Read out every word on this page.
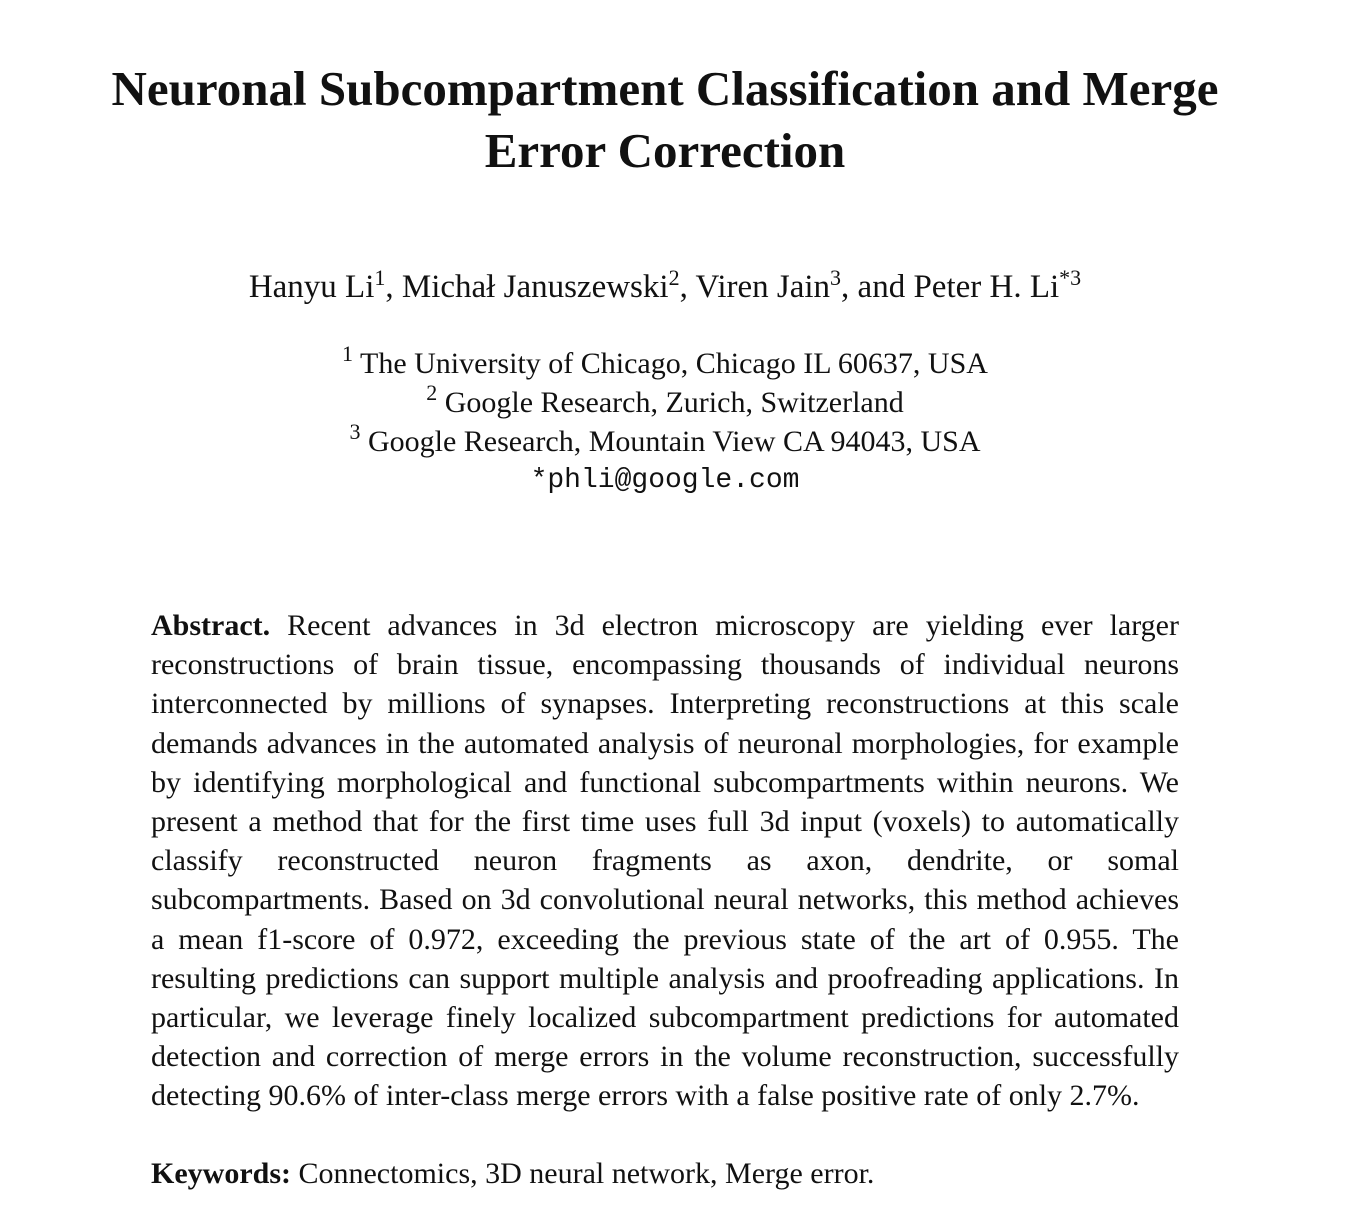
Neuronal Subcompartment Classification and Merge
Error Correction
Hanyu Li$^1$, Michał Januszewski$^2$, Viren Jain$^3$, and Peter H. Li$^{*3}$
$^1$ The University of Chicago, Chicago IL 60637, USA
$^2$ Google Research, Zurich, Switzerland
$^3$ Google Research, Mountain View CA 94043, USA
*phli@google.com

Abstract. Recent advances in 3d electron microscopy are yielding ever larger reconstructions of brain tissue, encompassing thousands of individual neurons interconnected by millions of synapses. Interpreting reconstructions at this scale demands advances in the automated analysis of neuronal morphologies, for example by identifying morphological and functional subcompartments within neurons. We present a method that for the first time uses full 3d input (voxels) to automatically classify reconstructed neuron fragments as axon, dendrite, or somal subcompartments. Based on 3d convolutional neural networks, this method achieves a mean f1-score of 0.972, exceeding the previous state of the art of 0.955. The resulting predictions can support multiple analysis and proofreading applications. In particular, we leverage finely localized subcompartment predictions for automated detection and correction of merge errors in the volume reconstruction, successfully detecting 90.6% of inter-class merge errors with a false positive rate of only 2.7%.

Keywords: Connectomics, 3D neural network, Merge error.
